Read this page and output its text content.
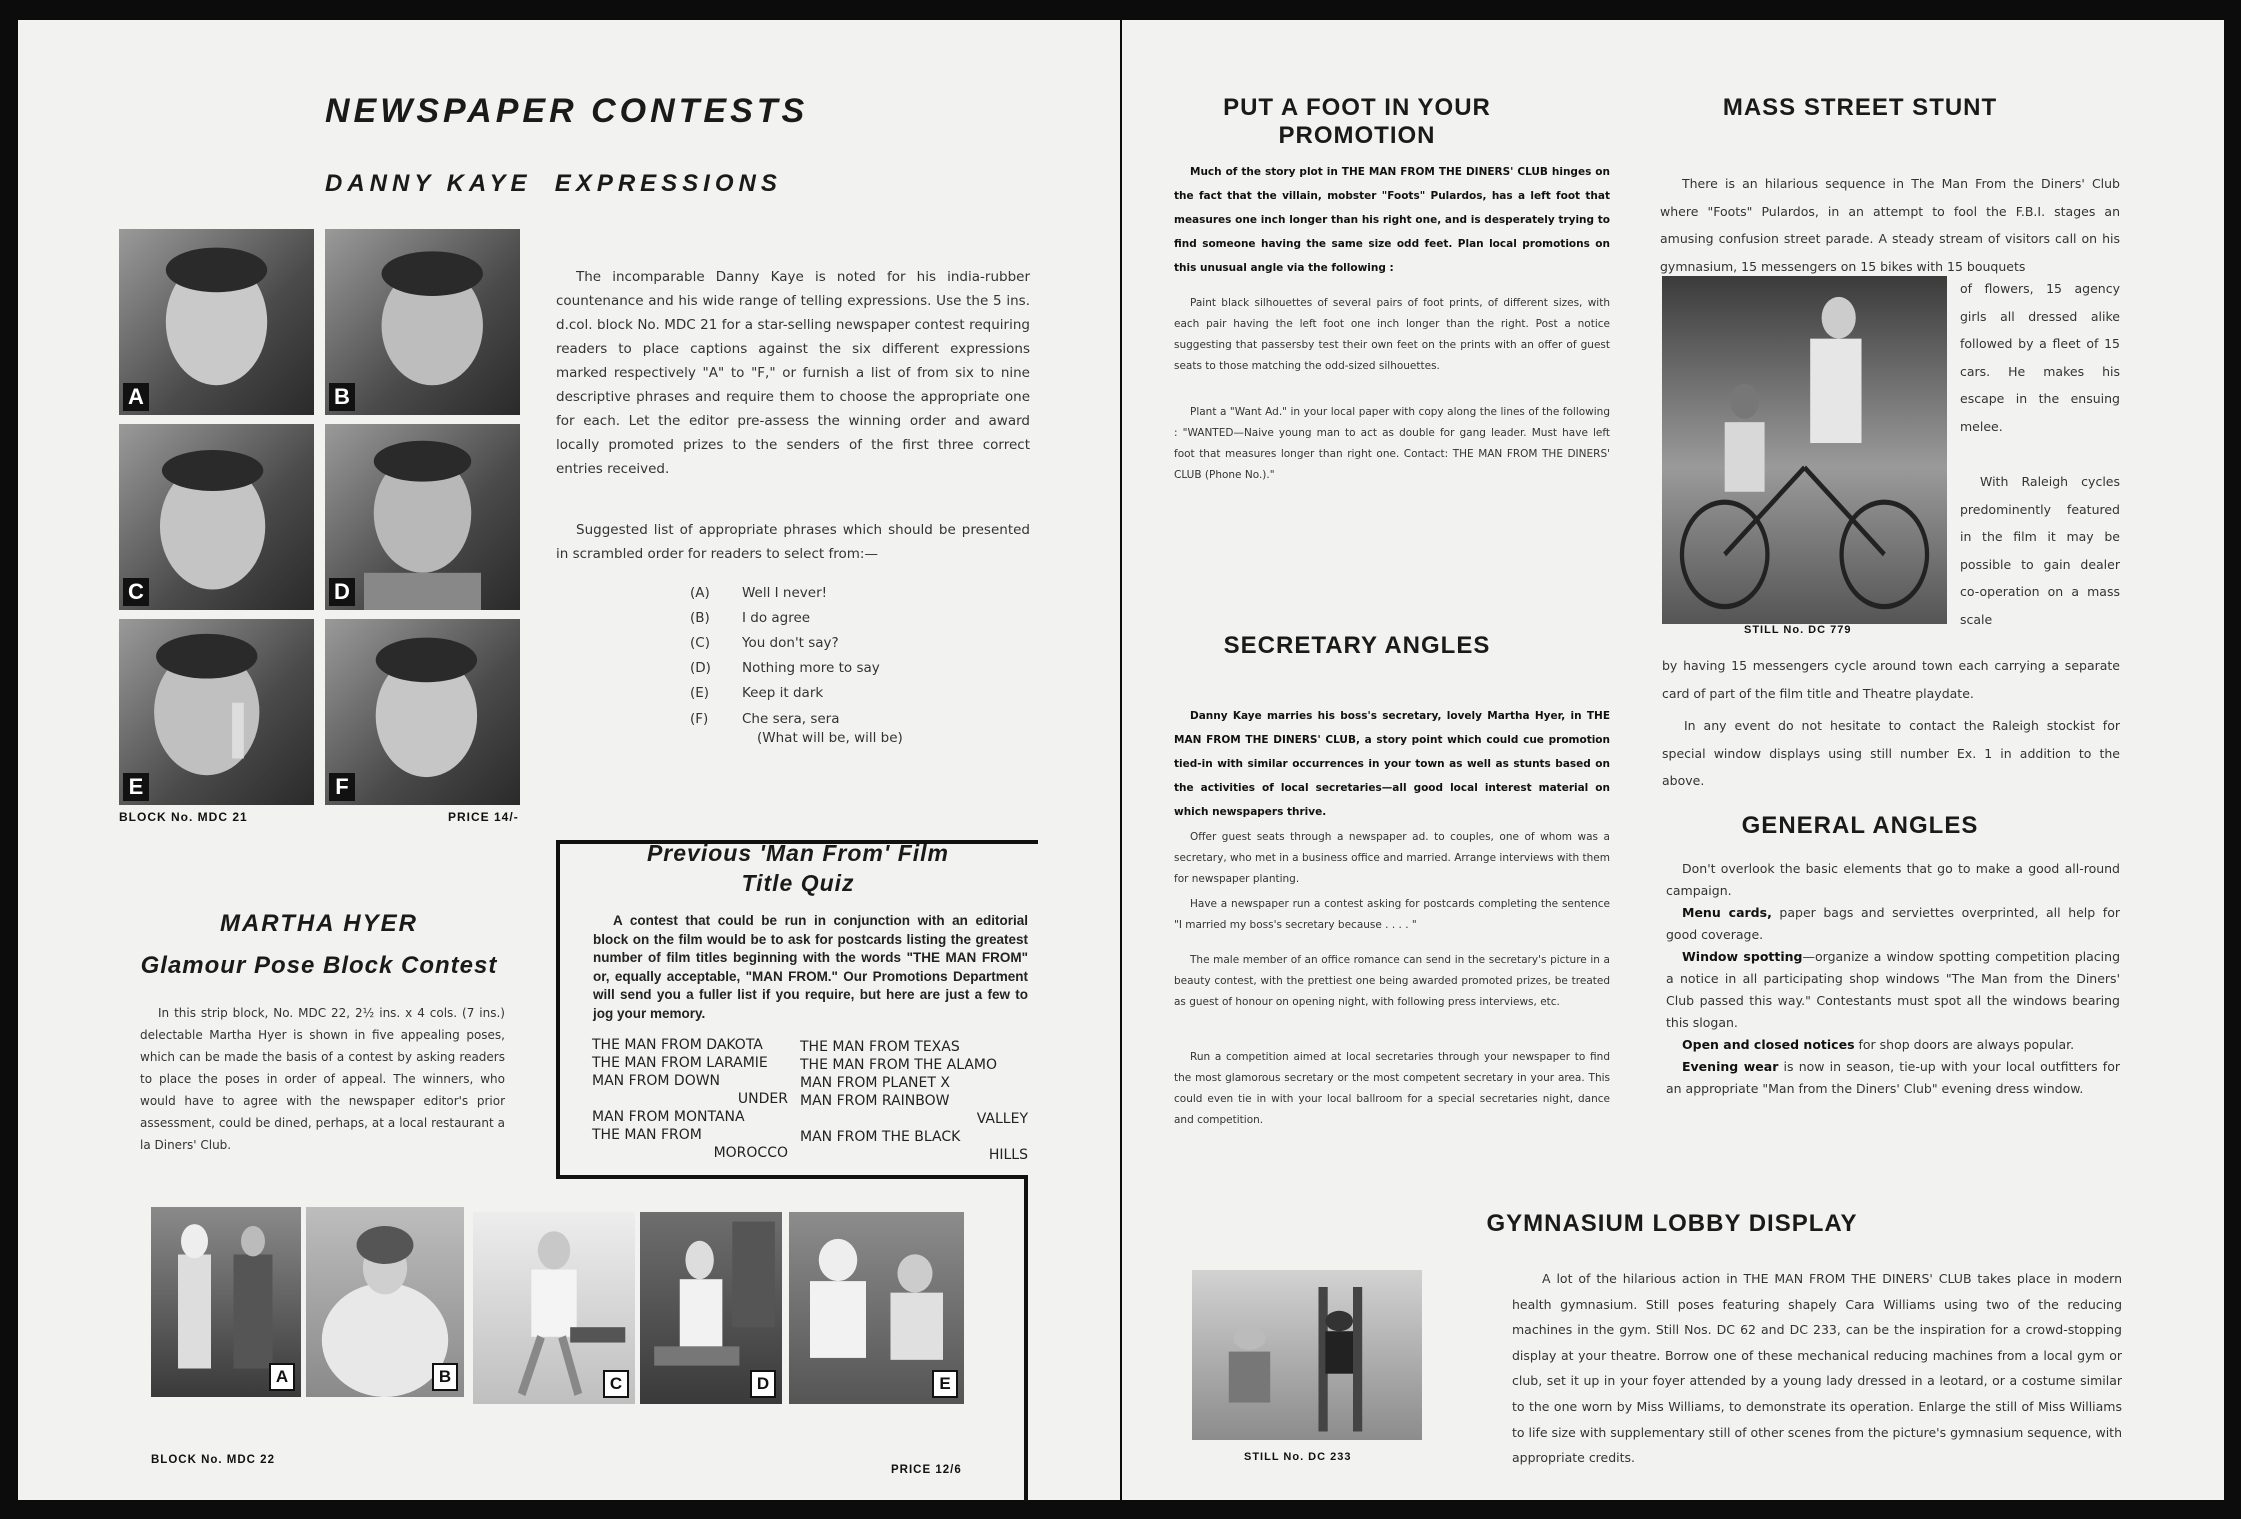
NEWSPAPER CONTESTS
DANNY KAYE  EXPRESSIONS
A	B
C	D
E	F
BLOCK No. MDC 21	PRICE 14/-
The incomparable Danny Kaye is noted for his india-rubber countenance and his wide range of telling expressions. Use the 5 ins. d.col. block No. MDC 21 for a star-selling newspaper contest requiring readers to place captions against the six different expressions marked respectively "A" to "F," or furnish a list of from six to nine descriptive phrases and require them to choose the appropriate one for each. Let the editor pre-assess the winning order and award locally promoted prizes to the senders of the first three correct entries received.
Suggested list of appropriate phrases which should be presented in scrambled order for readers to select from:—
(A)	Well I never!
(B)	I do agree
(C)	You don't say?
(D)	Nothing more to say
(E)	Keep it dark
(F)	Che sera, sera
(What will be, will be)
MARTHA HYER
Glamour Pose Block Contest
In this strip block, No. MDC 22, 2½ ins. x 4 cols. (7 ins.) delectable Martha Hyer is shown in five appealing poses, which can be made the basis of a contest by asking readers to place the poses in order of appeal. The winners, who would have to agree with the newspaper editor's prior assessment, could be dined, perhaps, at a local restaurant a la Diners' Club.
Previous 'Man From' Film
Title Quiz
A contest that could be run in conjunction with an editorial block on the film would be to ask for postcards listing the greatest number of film titles beginning with the words "THE MAN FROM" or, equally acceptable, "MAN FROM." Our Promotions Department will send you a fuller list if you require, but here are just a few to jog your memory.
THE MAN FROM DAKOTA
THE MAN FROM LARAMIE
MAN FROM DOWN
UNDER
MAN FROM MONTANA
THE MAN FROM
MOROCCO
THE MAN FROM TEXAS
THE MAN FROM THE ALAMO
MAN FROM PLANET X
MAN FROM RAINBOW
VALLEY
MAN FROM THE BLACK
HILLS
A	B	C	D	E
BLOCK No. MDC 22
PRICE 12/6
PUT A FOOT IN YOUR PROMOTION
Much of the story plot in THE MAN FROM THE DINERS' CLUB hinges on the fact that the villain, mobster "Foots" Pulardos, has a left foot that measures one inch longer than his right one, and is desperately trying to find someone having the same size odd feet. Plan local promotions on this unusual angle via the following :
Paint black silhouettes of several pairs of foot prints, of different sizes, with each pair having the left foot one inch longer than the right. Post a notice suggesting that passersby test their own feet on the prints with an offer of guest seats to those matching the odd-sized silhouettes.
Plant a "Want Ad." in your local paper with copy along the lines of the following : "WANTED—Naive young man to act as double for gang leader. Must have left foot that measures longer than right one. Contact: THE MAN FROM THE DINERS' CLUB (Phone No.)."
MASS STREET STUNT
There is an hilarious sequence in The Man From the Diners' Club where "Foots" Pulardos, in an attempt to fool the F.B.I. stages an amusing confusion street parade. A steady stream of visitors call on his gymnasium, 15 messengers on 15 bikes with 15 bouquets
of flowers, 15 agency girls all dressed alike followed by a fleet of 15 cars. He makes his escape in the ensuing melee.
With Raleigh cycles predominently featured in the film it may be possible to gain dealer co-operation on a mass scale
STILL No. DC 779
by having 15 messengers cycle around town each carrying a separate card of part of the film title and Theatre playdate.
In any event do not hesitate to contact the Raleigh stockist for special window displays using still number Ex. 1 in addition to the above.
SECRETARY ANGLES
Danny Kaye marries his boss's secretary, lovely Martha Hyer, in THE MAN FROM THE DINERS' CLUB, a story point which could cue promotion tied-in with similar occurrences in your town as well as stunts based on the activities of local secretaries—all good local interest material on which newspapers thrive.
Offer guest seats through a newspaper ad. to couples, one of whom was a secretary, who met in a business office and married. Arrange interviews with them for newspaper planting.
Have a newspaper run a contest asking for postcards completing the sentence "I married my boss's secretary because . . . . "
The male member of an office romance can send in the secretary's picture in a beauty contest, with the prettiest one being awarded promoted prizes, be treated as guest of honour on opening night, with following press interviews, etc.
Run a competition aimed at local secretaries through your newspaper to find the most glamorous secretary or the most competent secretary in your area. This could even tie in with your local ballroom for a special secretaries night, dance and competition.
GENERAL ANGLES
Don't overlook the basic elements that go to make a good all-round campaign.
Menu cards, paper bags and serviettes overprinted, all help for good coverage.
Window spotting—organize a window spotting competition placing a notice in all participating shop windows "The Man from the Diners' Club passed this way." Contestants must spot all the windows bearing this slogan.
Open and closed notices for shop doors are always popular.
Evening wear is now in season, tie-up with your local outfitters for an appropriate "Man from the Diners' Club" evening dress window.
GYMNASIUM LOBBY DISPLAY
STILL No. DC 233
A lot of the hilarious action in THE MAN FROM THE DINERS' CLUB takes place in modern health gymnasium. Still poses featuring shapely Cara Williams using two of the reducing machines in the gym. Still Nos. DC 62 and DC 233, can be the inspiration for a crowd-stopping display at your theatre. Borrow one of these mechanical reducing machines from a local gym or club, set it up in your foyer attended by a young lady dressed in a leotard, or a costume similar to the one worn by Miss Williams, to demonstrate its operation. Enlarge the still of Miss Williams to life size with supplementary still of other scenes from the picture's gymnasium sequence, with appropriate credits.
